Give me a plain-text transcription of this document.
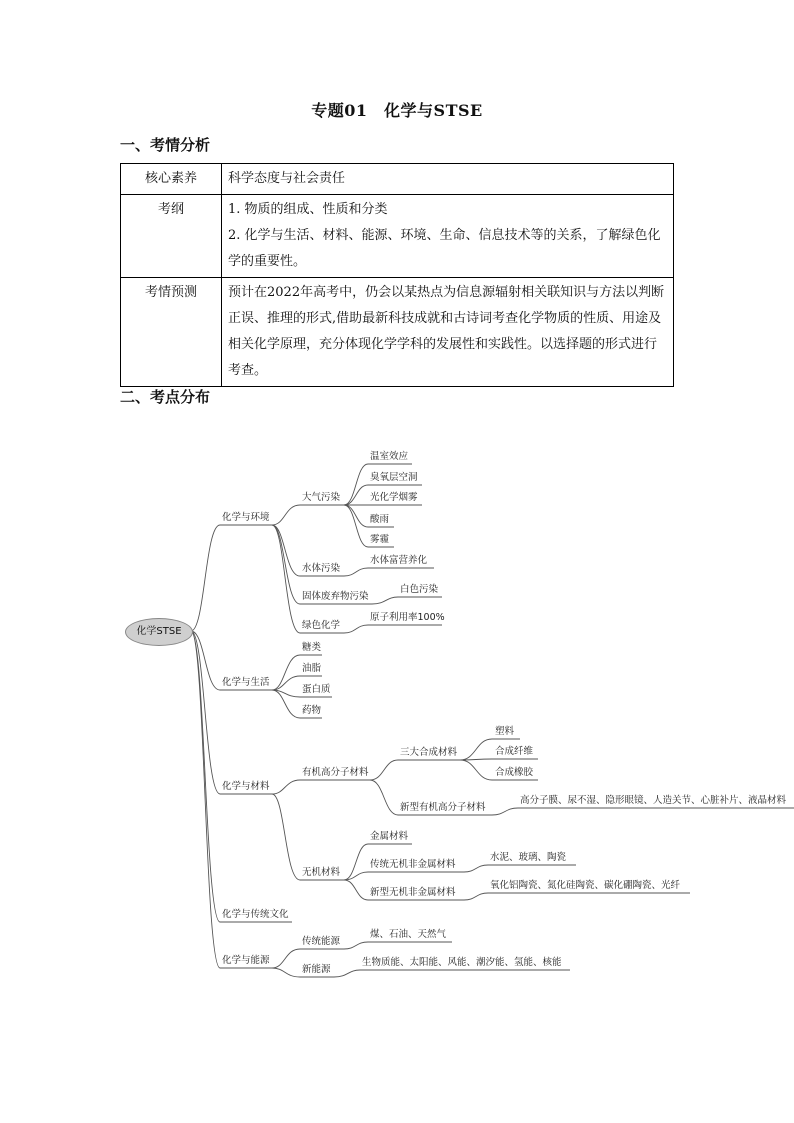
专题01　化学与STSE
一、考情分析
核心素养	科学态度与社会责任
考纲	1. 物质的组成、性质和分类

2. 化学与生活、材料、能源、环境、生命、信息技术等的关系，了解绿色化学的重要性。

考情预测	预计在2022年高考中，仍会以某热点为信息源辐射相关联知识与方法以判断正误、推理的形式,借助最新科技成就和古诗词考查化学物质的性质、用途及相关化学原理，充分体现化学学科的发展性和实践性。以选择题的形式进行考查。
二、考点分布
化学STSE
化学与环境
化学与生活
化学与材料
化学与传统文化
化学与能源
大气污染
温室效应
臭氧层空洞
光化学烟雾
酸雨
雾霾
水体污染
水体富营养化
固体废弃物污染
白色污染
绿色化学
原子利用率100%
糖类
油脂
蛋白质
药物
有机高分子材料
三大合成材料
塑料
合成纤维
合成橡胶
新型有机高分子材料
高分子膜、尿不湿、隐形眼镜、人造关节、心脏补片、液晶材料
无机材料
金属材料
传统无机非金属材料
水泥、玻璃、陶瓷
新型无机非金属材料
氧化铝陶瓷、氮化硅陶瓷、碳化硼陶瓷、光纤
传统能源
煤、石油、天然气
新能源
生物质能、太阳能、风能、潮汐能、氢能、核能
